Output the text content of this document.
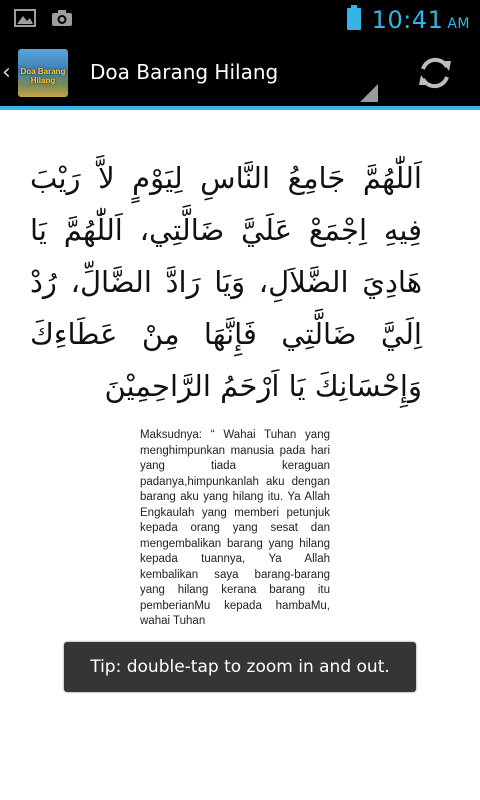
10:41 AM
‹ Doa Barang Hilang	Doa Barang Hilang
اَللّٰهُمَّ جَامِعُ النَّاسِ لِيَوْمٍ لاَّ رَيْبَ فِيهِ اِجْمَعْ عَلَيَّ ضَالَّتِي، اَللّٰهُمَّ يَا هَادِيَ الضَّلاَلِ، وَيَا رَادَّ الضَّالِّ، رُدْ اِلَيَّ ضَالَّتِي فَإِنَّهَا مِنْ عَطَاءِكَ وَإِحْسَانِكَ يَا اَرْحَمُ الرَّاحِمِيْنَ
Maksudnya: “ Wahai Tuhan yang menghimpunkan manusia pada hari yang tiada keraguan padanya,himpunkanlah aku dengan barang aku yang hilang itu. Ya Allah Engkaulah yang memberi petunjuk kepada orang yang sesat dan mengembalikan barang yang hilang kepada tuannya, Ya Allah kembalikan saya barang-barang yang hilang kerana barang itu pemberianMu kepada hambaMu, wahai Tuhan
Tip: double-tap to zoom in and out.
